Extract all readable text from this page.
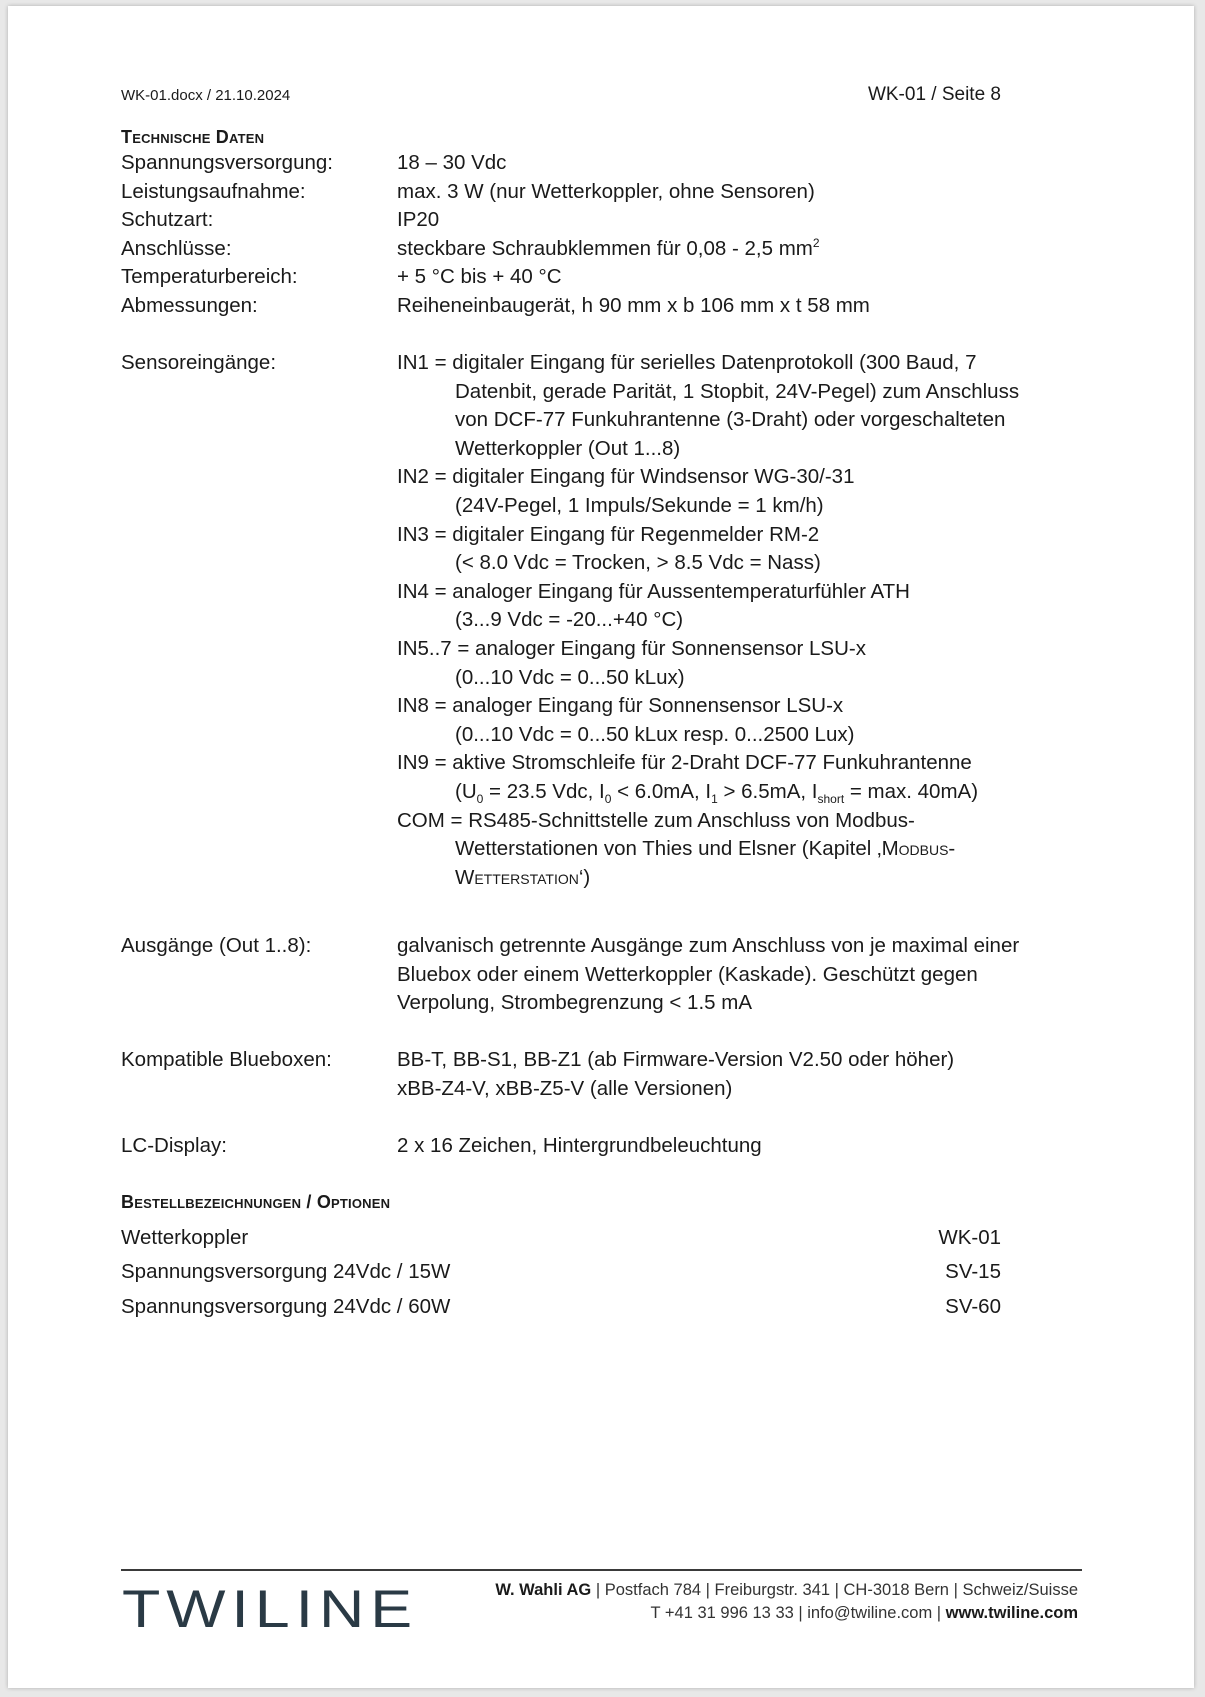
WK-01.docx / 21.10.2024	WK-01 / Seite 8
Technische Daten
Spannungsversorgung:	18 – 30 Vdc
Leistungsaufnahme:	max. 3 W (nur Wetterkoppler, ohne Sensoren)
Schutzart:	IP20
Anschlüsse:	steckbare Schraubklemmen für 0,08 - 2,5 $mm^2$
Temperaturbereich:	+ 5 °C bis + 40 °C
Abmessungen:	Reiheneinbaugerät, h 90 mm x b 106 mm x t 58 mm
Sensoreingänge:	IN1 = digitaler Eingang für serielles Datenprotokoll (300 Baud, 7
Datenbit, gerade Parität, 1 Stopbit, 24V-Pegel) zum Anschluss
von DCF-77 Funkuhrantenne (3-Draht) oder vorgeschalteten
Wetterkoppler (Out 1...8)
IN2 = digitaler Eingang für Windsensor WG-30/-31
(24V-Pegel, 1 Impuls/Sekunde = 1 km/h)
IN3 = digitaler Eingang für Regenmelder RM-2
(< 8.0 Vdc = Trocken, > 8.5 Vdc = Nass)
IN4 = analoger Eingang für Aussentemperaturfühler ATH
(3...9 Vdc = -20...+40 °C)
IN5..7 = analoger Eingang für Sonnensensor LSU-x
(0...10 Vdc = 0...50 kLux)
IN8 = analoger Eingang für Sonnensensor LSU-x
(0...10 Vdc = 0...50 kLux resp. 0...2500 Lux)
IN9 = aktive Stromschleife für 2-Draht DCF-77 Funkuhrantenne
($U_0 = 23.5$ Vdc, $I_0 < 6.0mA$, $I_1 > 6.5mA$, $I_{short} = \max$. 40mA)
COM = RS485-Schnittstelle zum Anschluss von Modbus-
Wetterstationen von Thies und Elsner (Kapitel ‚Modbus-
Wetterstation‘)
Ausgänge (Out 1..8):	galvanisch getrennte Ausgänge zum Anschluss von je maximal einer
Bluebox oder einem Wetterkoppler (Kaskade). Geschützt gegen
Verpolung, Strombegrenzung < 1.5 mA
Kompatible Blueboxen:	BB-T, BB-S1, BB-Z1 (ab Firmware-Version V2.50 oder höher)
xBB-Z4-V, xBB-Z5-V (alle Versionen)
LC-Display:	2 x 16 Zeichen, Hintergrundbeleuchtung
Bestellbezeichnungen / Optionen
Wetterkoppler	WK-01
Spannungsversorgung 24Vdc / 15W	SV-15
Spannungsversorgung 24Vdc / 60W	SV-60
TWILINE	W. Wahli AG | Postfach 784 | Freiburgstr. 341 | CH-3018 Bern | Schweiz/Suisse
T +41 31 996 13 33 | info@twiline.com | www.twiline.com
